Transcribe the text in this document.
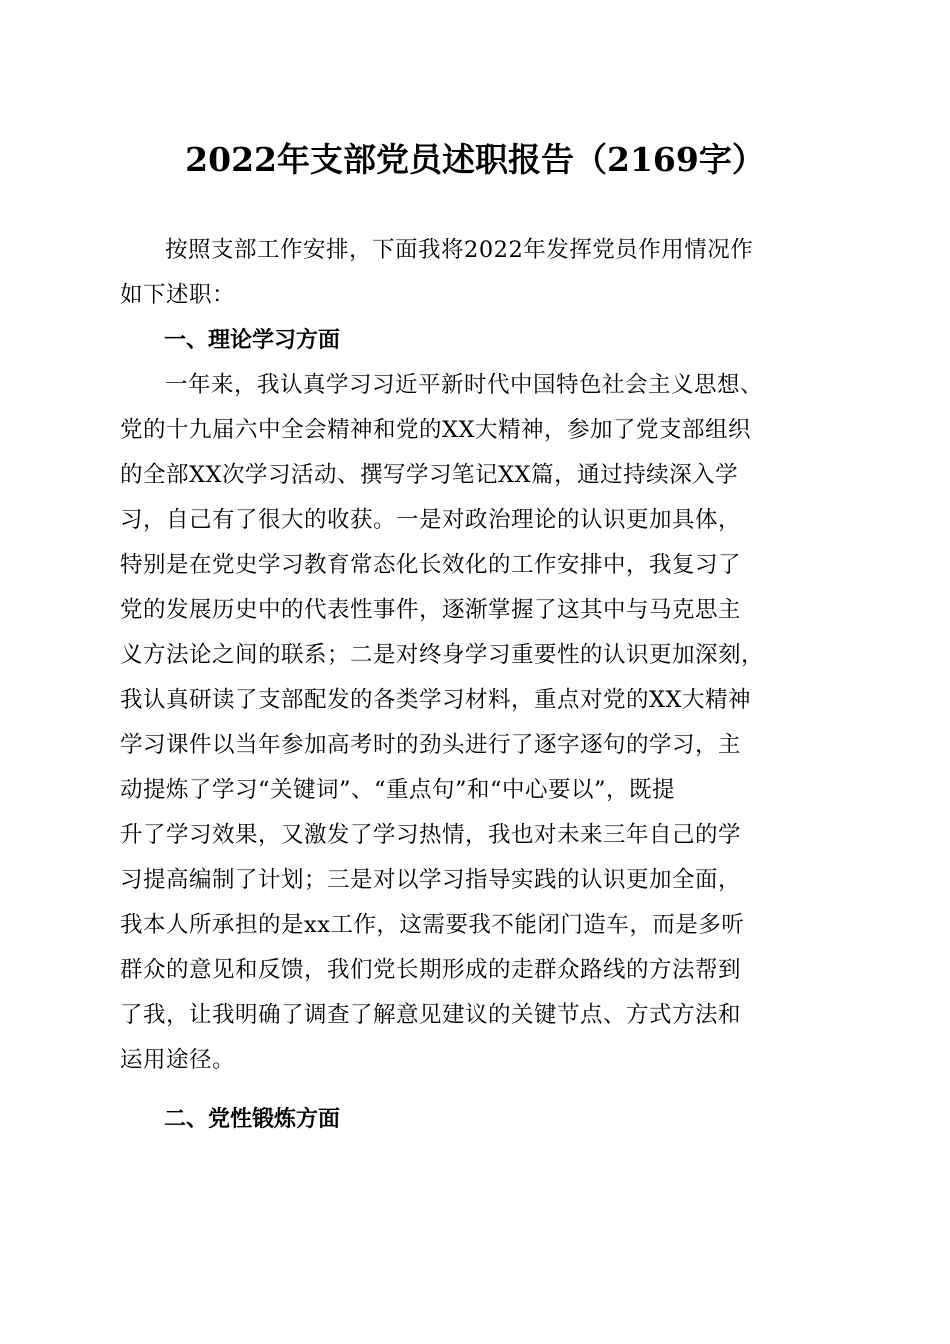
2022年支部党员述职报告（2169字）
按照支部工作安排，下面我将2022年发挥党员作用情况作
如下述职：
一、理论学习方面
一年来，我认真学习习近平新时代中国特色社会主义思想、
党的十九届六中全会精神和党的XX大精神，参加了党支部组织
的全部XX次学习活动、撰写学习笔记XX篇，通过持续深入学
习，自己有了很大的收获。一是对政治理论的认识更加具体，
特别是在党史学习教育常态化长效化的工作安排中，我复习了
党的发展历史中的代表性事件，逐渐掌握了这其中与马克思主
义方法论之间的联系；二是对终身学习重要性的认识更加深刻，
我认真研读了支部配发的各类学习材料，重点对党的XX大精神
学习课件以当年参加高考时的劲头进行了逐字逐句的学习，主
动提炼了学习“关键词”、“重点句”和“中心要以”，既提
升了学习效果，又激发了学习热情，我也对未来三年自己的学
习提高编制了计划；三是对以学习指导实践的认识更加全面，
我本人所承担的是xx工作，这需要我不能闭门造车，而是多听
群众的意见和反馈，我们党长期形成的走群众路线的方法帮到
了我，让我明确了调查了解意见建议的关键节点、方式方法和
运用途径。
二、党性锻炼方面
